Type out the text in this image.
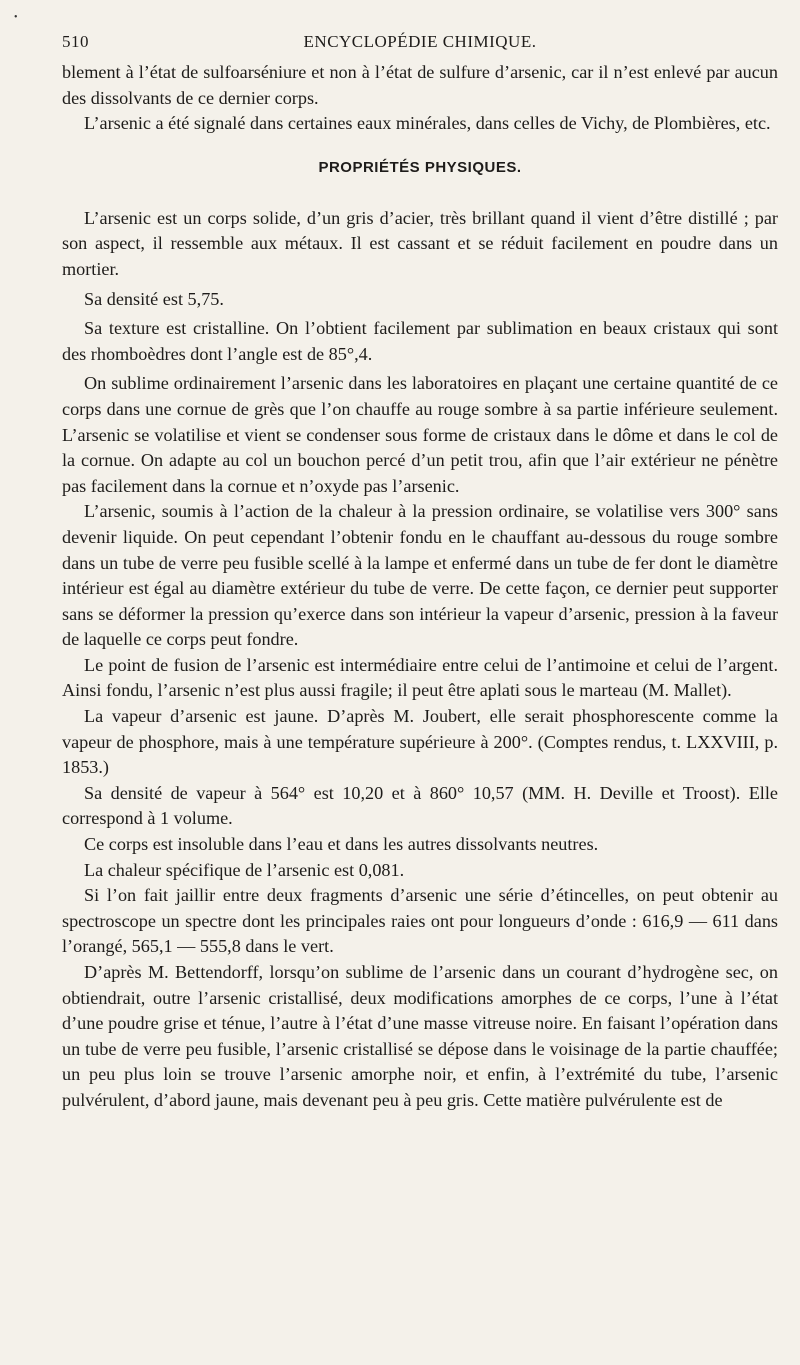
•
510	ENCYCLOPÉDIE CHIMIQUE.

blement à l’état de sulfoarséniure et non à l’état de sulfure d’arsenic, car il n’est enlevé par aucun des dissolvants de ce dernier corps.

L’arsenic a été signalé dans certaines eaux minérales, dans celles de Vichy, de Plombières, etc.

PROPRIÉTÉS PHYSIQUES.

L’arsenic est un corps solide, d’un gris d’acier, très brillant quand il vient d’être distillé ; par son aspect, il ressemble aux métaux. Il est cassant et se réduit facilement en poudre dans un mortier.

Sa densité est 5,75.

Sa texture est cristalline. On l’obtient facilement par sublimation en beaux cristaux qui sont des rhomboèdres dont l’angle est de 85°,4.

On sublime ordinairement l’arsenic dans les laboratoires en plaçant une certaine quantité de ce corps dans une cornue de grès que l’on chauffe au rouge sombre à sa partie inférieure seulement. L’arsenic se volatilise et vient se condenser sous forme de cristaux dans le dôme et dans le col de la cornue. On adapte au col un bouchon percé d’un petit trou, afin que l’air extérieur ne pénètre pas facilement dans la cornue et n’oxyde pas l’arsenic.

L’arsenic, soumis à l’action de la chaleur à la pression ordinaire, se volatilise vers 300° sans devenir liquide. On peut cependant l’obtenir fondu en le chauffant au-dessous du rouge sombre dans un tube de verre peu fusible scellé à la lampe et enfermé dans un tube de fer dont le diamètre intérieur est égal au diamètre extérieur du tube de verre. De cette façon, ce dernier peut supporter sans se déformer la pression qu’exerce dans son intérieur la vapeur d’arsenic, pression à la faveur de laquelle ce corps peut fondre.

Le point de fusion de l’arsenic est intermédiaire entre celui de l’antimoine et celui de l’argent. Ainsi fondu, l’arsenic n’est plus aussi fragile; il peut être aplati sous le marteau (M. Mallet).

La vapeur d’arsenic est jaune. D’après M. Joubert, elle serait phosphorescente comme la vapeur de phosphore, mais à une température supérieure à 200°. (Comptes rendus, t. LXXVIII, p. 1853.)

Sa densité de vapeur à 564° est 10,20 et à 860° 10,57 (MM. H. Deville et Troost). Elle correspond à 1 volume.

Ce corps est insoluble dans l’eau et dans les autres dissolvants neutres.

La chaleur spécifique de l’arsenic est 0,081.

Si l’on fait jaillir entre deux fragments d’arsenic une série d’étincelles, on peut obtenir au spectroscope un spectre dont les principales raies ont pour longueurs d’onde : 616,9 — 611 dans l’orangé, 565,1 — 555,8 dans le vert.

D’après M. Bettendorff, lorsqu’on sublime de l’arsenic dans un courant d’hydrogène sec, on obtiendrait, outre l’arsenic cristallisé, deux modifications amorphes de ce corps, l’une à l’état d’une poudre grise et ténue, l’autre à l’état d’une masse vitreuse noire. En faisant l’opération dans un tube de verre peu fusible, l’arsenic cristallisé se dépose dans le voisinage de la partie chauffée; un peu plus loin se trouve l’arsenic amorphe noir, et enfin, à l’extrémité du tube, l’arsenic pulvérulent, d’abord jaune, mais devenant peu à peu gris. Cette matière pulvérulente est de
